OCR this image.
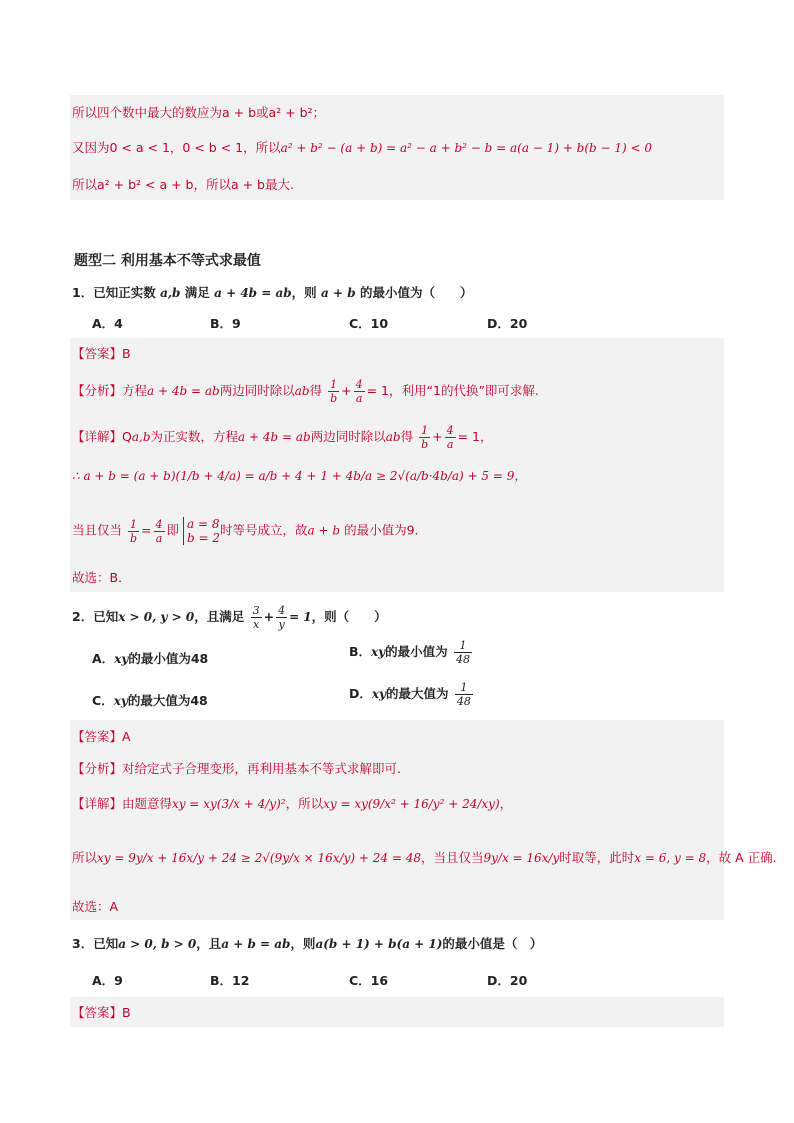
所以四个数中最大的数应为a + b或a² + b²；
又因为0 < a < 1，0 < b < 1，所以a² + b² − (a + b) = a² − a + b² − b = a(a − 1) + b(b − 1) < 0
所以a² + b² < a + b，所以a + b最大.
题型二 利用基本不等式求最值
1．已知正实数 a,b 满足 a + 4b = ab，则 a + b 的最小值为（　　）
A．4	B．9	C．10	D．20
【答案】B
【分析】方程a + 4b = ab两边同时除以ab得 $\frac{1}{b} + \frac{4}{a} = 1$，利用“1的代换”即可求解.
【详解】Qa,b为正实数，方程a + 4b = ab两边同时除以ab得 $\frac{1}{b} + \frac{4}{a} = 1$，
∴ a + b = (a + b)(1/b + 4/a) = a/b + 4 + 1 + 4b/a ≥ 2√(a/b·4b/a) + 5 = 9，
当且仅当 $\frac{1}{b} = \frac{4}{a}$ 即 a = 8
b = 2
时等号成立，故a + b 的最小值为9.
故选：B．
2．已知x > 0, y > 0，且满足 $\frac{3}{x} + \frac{4}{y} = 1$，则（　　）
A．xy的最小值为48	B．xy的最小值为 $\frac{1}{48}$
C．xy的最大值为48	D．xy的最大值为 $\frac{1}{48}$
【答案】A
【分析】对给定式子合理变形，再利用基本不等式求解即可.
【详解】由题意得xy = xy(3/x + 4/y)²，所以xy = xy(9/x² + 16/y² + 24/xy)，
所以xy = 9y/x + 16x/y + 24 ≥ 2√(9y/x × 16x/y) + 24 = 48，当且仅当9y/x = 16x/y时取等，此时x = 6, y = 8，故 A 正确.
故选：A
3．已知a > 0, b > 0，且a + b = ab，则a(b + 1) + b(a + 1)的最小值是（　）
A．9	B．12	C．16	D．20
【答案】B
